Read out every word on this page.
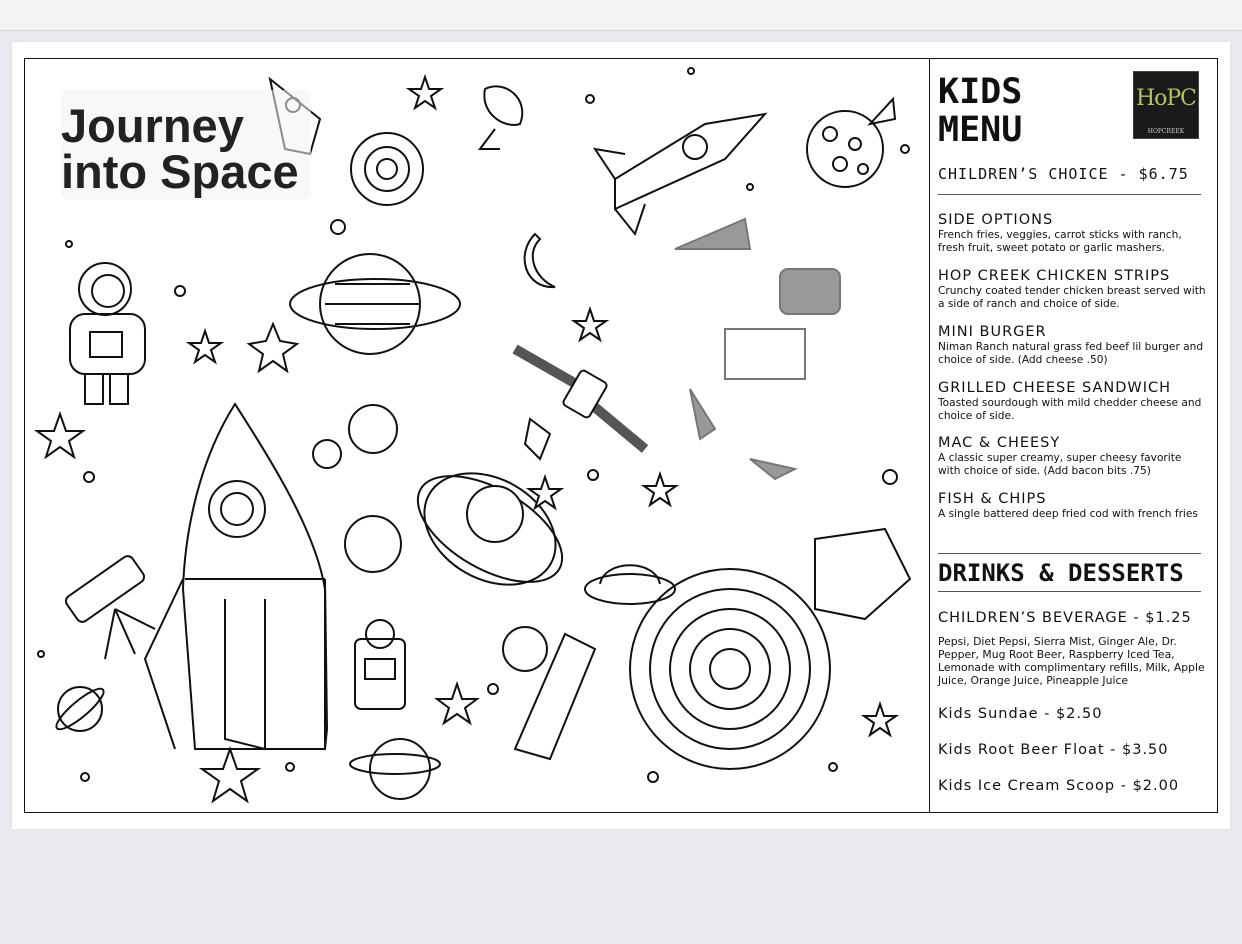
Journey
into Space
KIDS
MENU
HoPC
HOPCREEK
CHILDREN’S CHOICE - $6.75
SIDE OPTIONS
French fries, veggies, carrot sticks with ranch, fresh fruit, sweet potato or garlic mashers.
HOP CREEK CHICKEN STRIPS
Crunchy coated tender chicken breast served with a side of ranch and choice of side.
MINI BURGER
Niman Ranch natural grass fed beef lil burger and choice of side. (Add cheese .50)
GRILLED CHEESE SANDWICH
Toasted sourdough with mild chedder cheese and choice of side.
MAC & CHEESY
A classic super creamy, super cheesy favorite with choice of side. (Add bacon bits .75)
FISH & CHIPS
A single battered deep fried cod with french fries
DRINKS & DESSERTS
CHILDREN’S BEVERAGE - $1.25
Pepsi, Diet Pepsi, Sierra Mist, Ginger Ale, Dr. Pepper, Mug Root Beer, Raspberry Iced Tea, Lemonade with complimentary refills, Milk, Apple Juice, Orange Juice, Pineapple Juice
Kids Sundae - $2.50
Kids Root Beer Float - $3.50
Kids Ice Cream Scoop - $2.00
